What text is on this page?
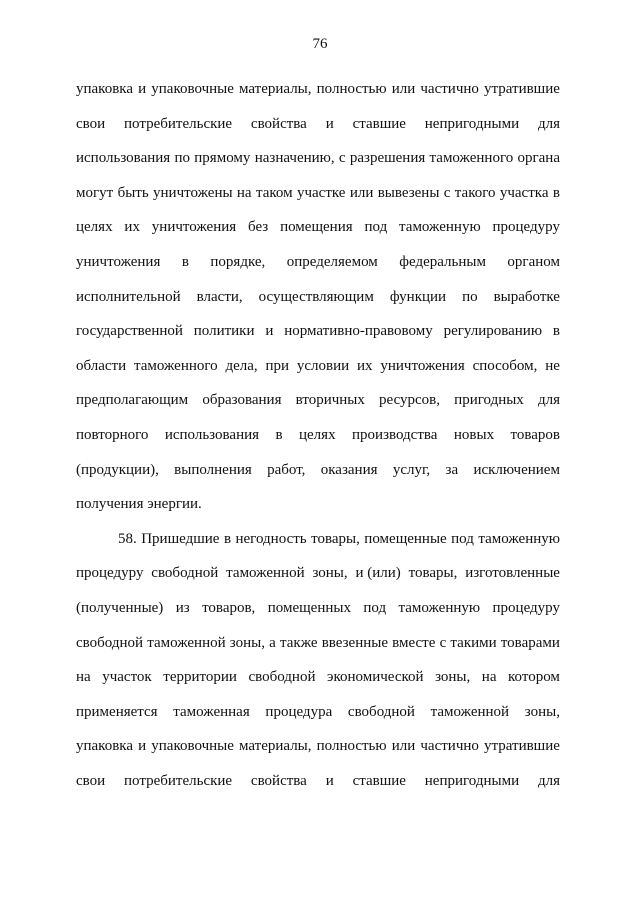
76
упаковка и упаковочные материалы, полностью или частично утратившие
свои потребительские свойства и ставшие непригодными для
использования по прямому назначению, с разрешения таможенного органа
могут быть уничтожены на таком участке или вывезены с такого участка в
целях их уничтожения без помещения под таможенную процедуру
уничтожения в порядке, определяемом федеральным органом
исполнительной власти, осуществляющим функции по выработке
государственной политики и нормативно-правовому регулированию в
области таможенного дела, при условии их уничтожения способом, не
предполагающим образования вторичных ресурсов, пригодных для
повторного использования в целях производства новых товаров
(продукции), выполнения работ, оказания услуг, за исключением
получения энергии.
58. Пришедшие в негодность товары, помещенные под таможенную
процедуру свободной таможенной зоны, и (или) товары, изготовленные
(полученные) из товаров, помещенных под таможенную процедуру
свободной таможенной зоны, а также ввезенные вместе с такими товарами
на участок территории свободной экономической зоны, на котором
применяется таможенная процедура свободной таможенной зоны,
упаковка и упаковочные материалы, полностью или частично утратившие
свои потребительские свойства и ставшие непригодными для
